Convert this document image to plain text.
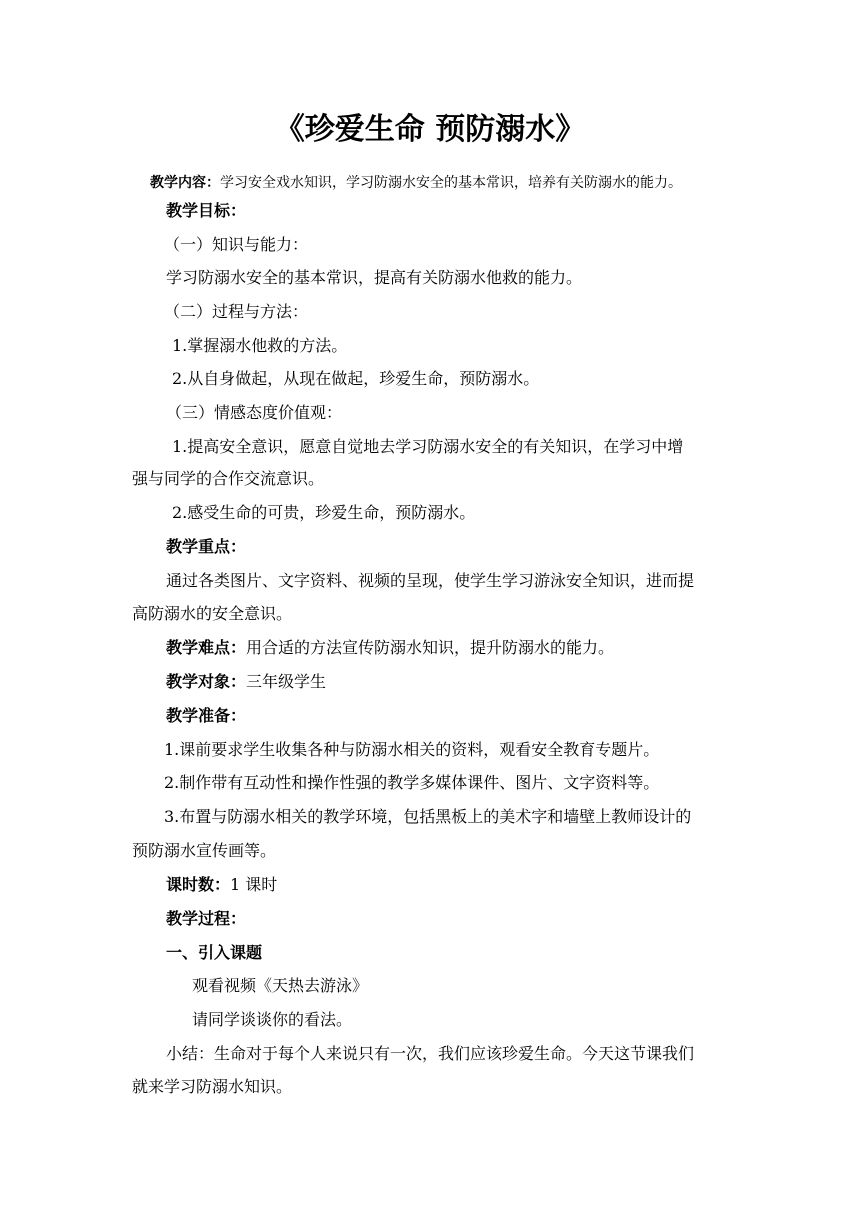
《珍爱生命 预防溺水》
教学内容：学习安全戏水知识，学习防溺水安全的基本常识，培养有关防溺水的能力。
教学目标：
（一）知识与能力：
学习防溺水安全的基本常识，提高有关防溺水他救的能力。
（二）过程与方法：
1.掌握溺水他救的方法。
2.从自身做起，从现在做起，珍爱生命，预防溺水。
（三）情感态度价值观：
1.提高安全意识，愿意自觉地去学习防溺水安全的有关知识，在学习中增
强与同学的合作交流意识。
2.感受生命的可贵，珍爱生命，预防溺水。
教学重点：
通过各类图片、文字资料、视频的呈现，使学生学习游泳安全知识，进而提
高防溺水的安全意识。
教学难点：用合适的方法宣传防溺水知识，提升防溺水的能力。
教学对象：三年级学生
教学准备：
1.课前要求学生收集各种与防溺水相关的资料，观看安全教育专题片。
2.制作带有互动性和操作性强的教学多媒体课件、图片、文字资料等。
3.布置与防溺水相关的教学环境，包括黑板上的美术字和墙壁上教师设计的
预防溺水宣传画等。
课时数：1 课时
教学过程：
一、引入课题
观看视频《天热去游泳》
请同学谈谈你的看法。
小结：生命对于每个人来说只有一次，我们应该珍爱生命。今天这节课我们
就来学习防溺水知识。
